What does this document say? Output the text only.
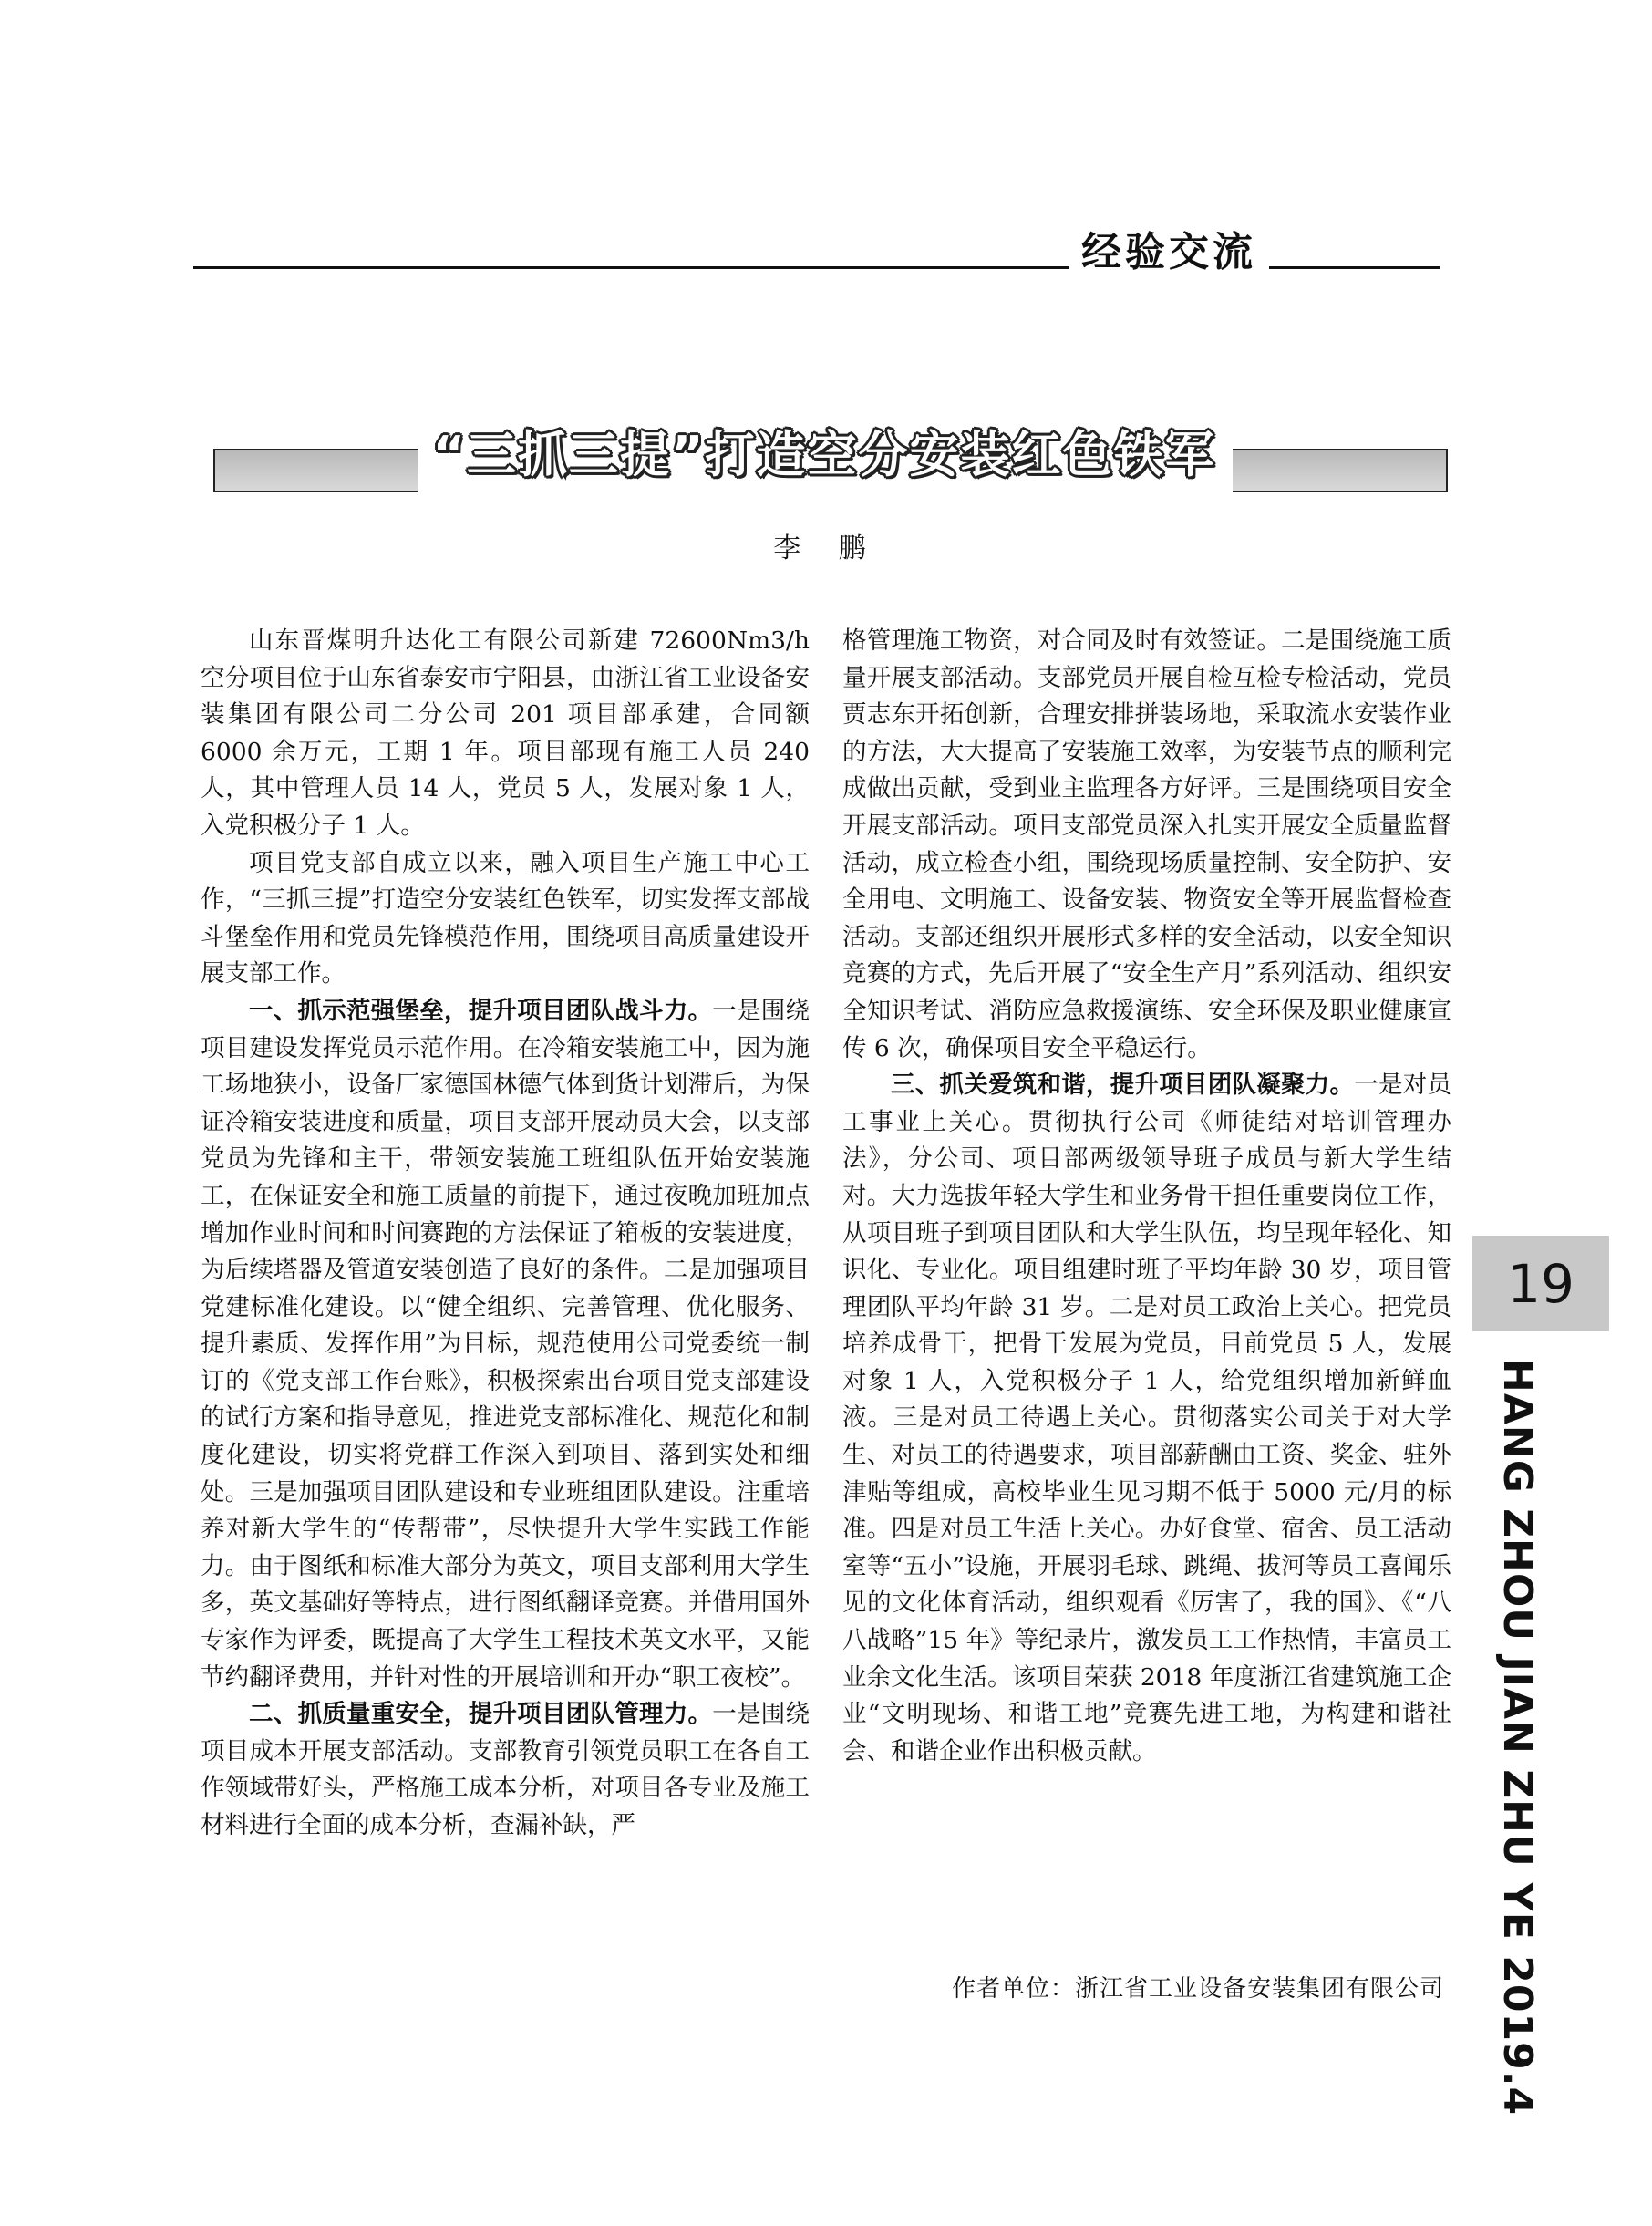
经验交流
“三抓三提”打造空分安装红色铁军
李 鹏

山东晋煤明升达化工有限公司新建 72600Nm3/h 空分项目位于山东省泰安市宁阳县，由浙江省工业设备安装集团有限公司二分公司 201 项目部承建，合同额 6000 余万元，工期 1 年。项目部现有施工人员 240 人，其中管理人员 14 人，党员 5 人，发展对象 1 人，入党积极分子 1 人。

项目党支部自成立以来，融入项目生产施工中心工作，“三抓三提”打造空分安装红色铁军，切实发挥支部战斗堡垒作用和党员先锋模范作用，围绕项目高质量建设开展支部工作。

一、抓示范强堡垒，提升项目团队战斗力。一是围绕项目建设发挥党员示范作用。在冷箱安装施工中，因为施工场地狭小，设备厂家德国林德气体到货计划滞后，为保证冷箱安装进度和质量，项目支部开展动员大会，以支部党员为先锋和主干，带领安装施工班组队伍开始安装施工，在保证安全和施工质量的前提下，通过夜晚加班加点增加作业时间和时间赛跑的方法保证了箱板的安装进度，为后续塔器及管道安装创造了良好的条件。二是加强项目党建标准化建设。以“健全组织、完善管理、优化服务、提升素质、发挥作用”为目标，规范使用公司党委统一制订的《党支部工作台账》，积极探索出台项目党支部建设的试行方案和指导意见，推进党支部标准化、规范化和制度化建设，切实将党群工作深入到项目、落到实处和细处。三是加强项目团队建设和专业班组团队建设。注重培养对新大学生的“传帮带”，尽快提升大学生实践工作能力。由于图纸和标准大部分为英文，项目支部利用大学生多，英文基础好等特点，进行图纸翻译竞赛。并借用国外专家作为评委，既提高了大学生工程技术英文水平，又能节约翻译费用，并针对性的开展培训和开办“职工夜校”。

二、抓质量重安全，提升项目团队管理力。一是围绕项目成本开展支部活动。支部教育引领党员职工在各自工作领域带好头，严格施工成本分析，对项目各专业及施工材料进行全面的成本分析，查漏补缺，严

格管理施工物资，对合同及时有效签证。二是围绕施工质量开展支部活动。支部党员开展自检互检专检活动，党员贾志东开拓创新，合理安排拼装场地，采取流水安装作业的方法，大大提高了安装施工效率，为安装节点的顺利完成做出贡献，受到业主监理各方好评。三是围绕项目安全开展支部活动。项目支部党员深入扎实开展安全质量监督活动，成立检查小组，围绕现场质量控制、安全防护、安全用电、文明施工、设备安装、物资安全等开展监督检查活动。支部还组织开展形式多样的安全活动，以安全知识竞赛的方式，先后开展了“安全生产月”系列活动、组织安全知识考试、消防应急救援演练、安全环保及职业健康宣传 6 次，确保项目安全平稳运行。

三、抓关爱筑和谐，提升项目团队凝聚力。一是对员工事业上关心。贯彻执行公司《师徒结对培训管理办法》，分公司、项目部两级领导班子成员与新大学生结对。大力选拔年轻大学生和业务骨干担任重要岗位工作，从项目班子到项目团队和大学生队伍，均呈现年轻化、知识化、专业化。项目组建时班子平均年龄 30 岁，项目管理团队平均年龄 31 岁。二是对员工政治上关心。把党员培养成骨干，把骨干发展为党员，目前党员 5 人，发展对象 1 人，入党积极分子 1 人，给党组织增加新鲜血液。三是对员工待遇上关心。贯彻落实公司关于对大学生、对员工的待遇要求，项目部薪酬由工资、奖金、驻外津贴等组成，高校毕业生见习期不低于 5000 元/月的标准。四是对员工生活上关心。办好食堂、宿舍、员工活动室等“五小”设施，开展羽毛球、跳绳、拔河等员工喜闻乐见的文化体育活动，组织观看《厉害了，我的国》、《“八八战略”15 年》等纪录片，激发员工工作热情，丰富员工业余文化生活。该项目荣获 2018 年度浙江省建筑施工企业“文明现场、和谐工地”竞赛先进工地，为构建和谐社会、和谐企业作出积极贡献。

作者单位：浙江省工业设备安装集团有限公司
19
HANG ZHOU JIAN ZHU YE 2019.4
